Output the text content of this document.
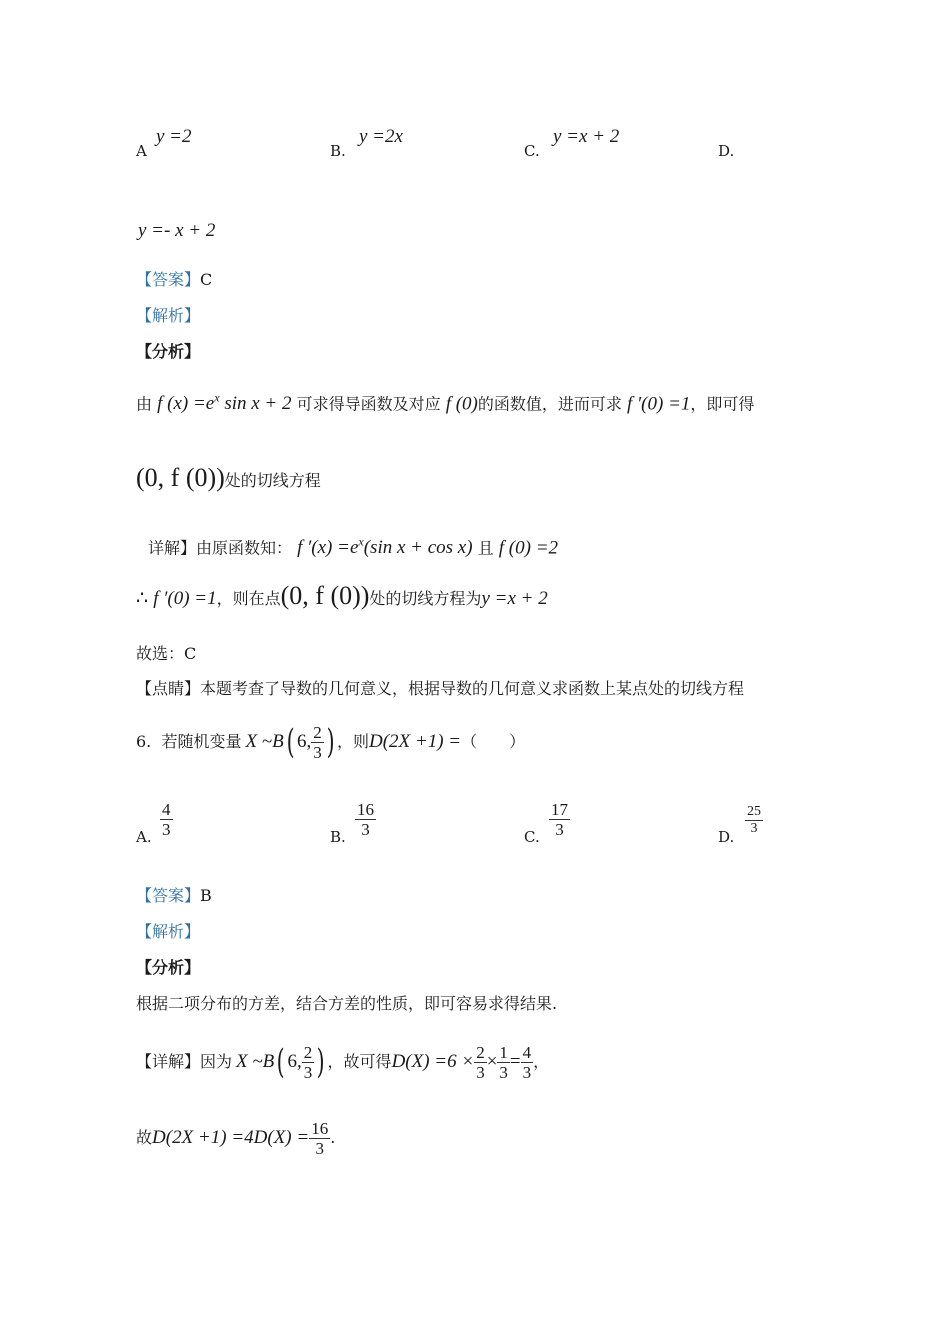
A
y =2
B.
y =2x
C.
y =x + 2
D.
y =- x + 2
【答案】C
【解析】
【分析】
由 f $(x) =e^x$ sin x + 2 可求得导函数及对应 f (0)的函数值，进而可求 f ′(0) =1，即可得
(0, f (0))处的切线方程
详解】由原函数知： f $'(x) =e^x(\sin$ x + cos x) 且 f (0) =2
∴ f ′(0) =1，则在点(0, f (0))处的切线方程为y =x + 2
故选：C
【点睛】本题考查了导数的几何意义，根据导数的几何意义求函数上某点处的切线方程
6.
若随机变量 X ~B ( 6, $\frac{2}{3}$ ) ，则 D(2X +1) = （　　）
A. $\frac{4}{3}$	B. $\frac{16}{3}$	C. $\frac{17}{3}$	D. $\frac{25}{3}$
【答案】B
【解析】
【分析】
根据二项分布的方差，结合方差的性质，即可容易求得结果.
【详解】因为 X ~B ( 6, $\frac{2}{3}$ ) ，故可得 $D(X) =6 \times \frac{2}{3} \times \frac{1}{3} = \frac{4}{3}$ ，
故 $D(2X +1) =4D(X) = \frac{16}{3}$ .
